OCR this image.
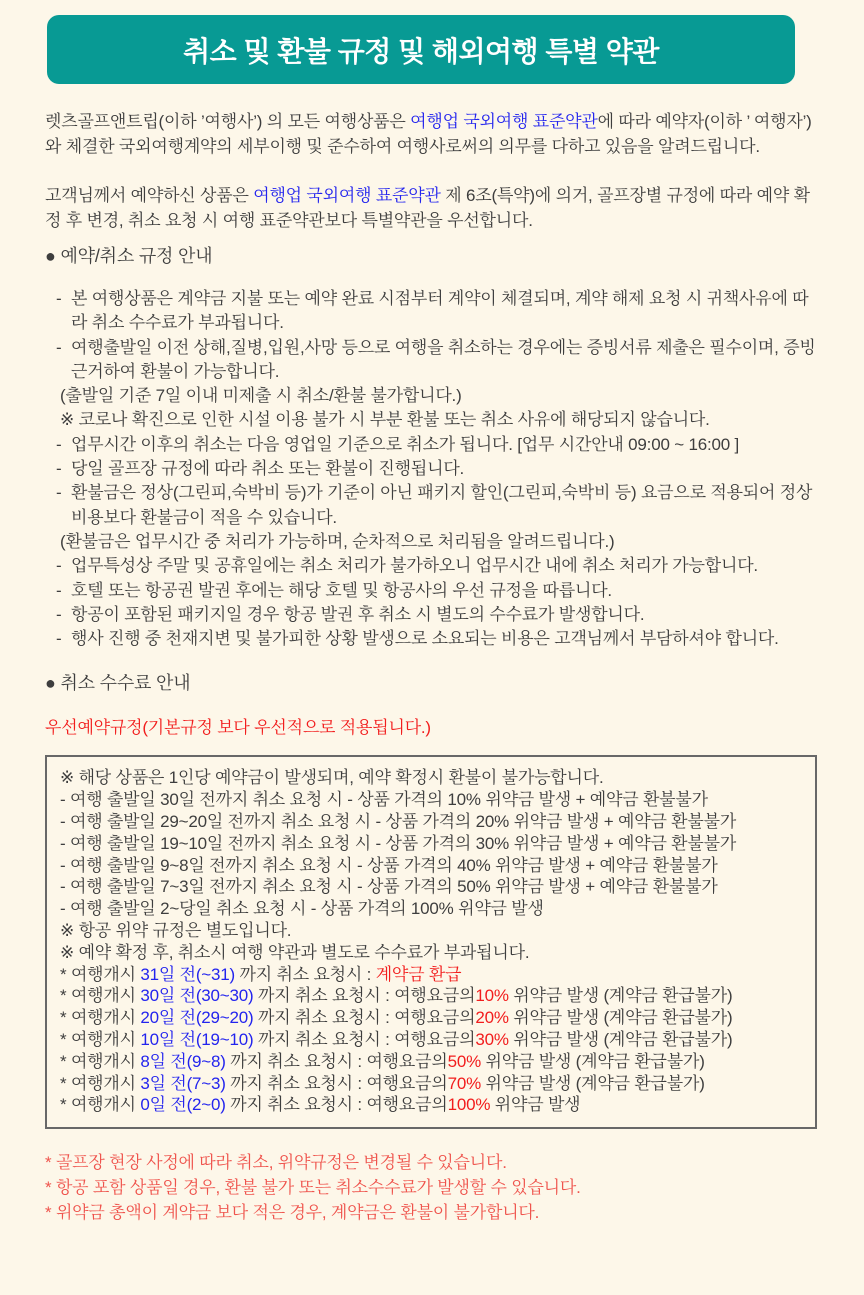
취소 및 환불 규정 및 해외여행 특별 약관

렛츠골프앤트립(이하 ’여행사’) 의 모든 여행상품은 여행업 국외여행 표준약관에 따라 예약자(이하 ’ 여행자’) 와 체결한 국외여행계약의 세부이행 및 준수하여 여행사로써의 의무를 다하고 있음을 알려드립니다.

고객님께서 예약하신 상품은 여행업 국외여행 표준약관 제 6조(특약)에 의거, 골프장별 규정에 따라 예약 확정 후 변경, 취소 요청 시 여행 표준약관보다 특별약관을 우선합니다.

● 예약/취소 규정 안내

- 본 여행상품은 계약금 지불 또는 예약 완료 시점부터 계약이 체결되며, 계약 해제 요청 시 귀책사유에 따라 취소 수수료가 부과됩니다.
- 여행출발일 이전 상해,질병,입원,사망 등으로 여행을 취소하는 경우에는 증빙서류 제출은 필수이며, 증빙 근거하여 환불이 가능합니다.
(출발일 기준 7일 이내 미제출 시 취소/환불 불가합니다.)
※ 코로나 확진으로 인한 시설 이용 불가 시 부분 환불 또는 취소 사유에 해당되지 않습니다.
- 업무시간 이후의 취소는 다음 영업일 기준으로 취소가 됩니다. [업무 시간안내 09:00 ~ 16:00 ]
- 당일 골프장 규정에 따라 취소 또는 환불이 진행됩니다.
- 환불금은 정상(그린피,숙박비 등)가 기준이 아닌 패키지 할인(그린피,숙박비 등) 요금으로 적용되어 정상비용보다 환불금이 적을 수 있습니다.
(환불금은 업무시간 중 처리가 가능하며, 순차적으로 처리됨을 알려드립니다.)
- 업무특성상 주말 및 공휴일에는 취소 처리가 불가하오니 업무시간 내에 취소 처리가 가능합니다.
- 호텔 또는 항공권 발권 후에는 해당 호텔 및 항공사의 우선 규정을 따릅니다.
- 항공이 포함된 패키지일 경우 항공 발권 후 취소 시 별도의 수수료가 발생합니다.
- 행사 진행 중 천재지변 및 불가피한 상황 발생으로 소요되는 비용은 고객님께서 부담하셔야 합니다.

● 취소 수수료 안내

우선예약규정(기본규정 보다 우선적으로 적용됩니다.)

※ 해당 상품은 1인당 예약금이 발생되며, 예약 확정시 환불이 불가능합니다.
- 여행 출발일 30일 전까지 취소 요청 시 - 상품 가격의 10% 위약금 발생 + 예약금 환불불가
- 여행 출발일 29~20일 전까지 취소 요청 시 - 상품 가격의 20% 위약금 발생 + 예약금 환불불가
- 여행 출발일 19~10일 전까지 취소 요청 시 - 상품 가격의 30% 위약금 발생 + 예약금 환불불가
- 여행 출발일 9~8일 전까지 취소 요청 시 - 상품 가격의 40% 위약금 발생 + 예약금 환불불가
- 여행 출발일 7~3일 전까지 취소 요청 시 - 상품 가격의 50% 위약금 발생 + 예약금 환불불가
- 여행 출발일 2~당일 취소 요청 시 - 상품 가격의 100% 위약금 발생
※ 항공 위약 규정은 별도입니다.
※ 예약 확정 후, 취소시 여행 약관과 별도로 수수료가 부과됩니다.
* 여행개시 31일 전(~31) 까지 취소 요청시 : 계약금 환급
* 여행개시 30일 전(30~30) 까지 취소 요청시 : 여행요금의10% 위약금 발생 (계약금 환급불가)
* 여행개시 20일 전(29~20) 까지 취소 요청시 : 여행요금의20% 위약금 발생 (계약금 환급불가)
* 여행개시 10일 전(19~10) 까지 취소 요청시 : 여행요금의30% 위약금 발생 (계약금 환급불가)
* 여행개시 8일 전(9~8) 까지 취소 요청시 : 여행요금의50% 위약금 발생 (계약금 환급불가)
* 여행개시 3일 전(7~3) 까지 취소 요청시 : 여행요금의70% 위약금 발생 (계약금 환급불가)
* 여행개시 0일 전(2~0) 까지 취소 요청시 : 여행요금의100% 위약금 발생
* 골프장 현장 사정에 따라 취소, 위약규정은 변경될 수 있습니다.
* 항공 포함 상품일 경우, 환불 불가 또는 취소수수료가 발생할 수 있습니다.
* 위약금 총액이 계약금 보다 적은 경우, 계약금은 환불이 불가합니다.
